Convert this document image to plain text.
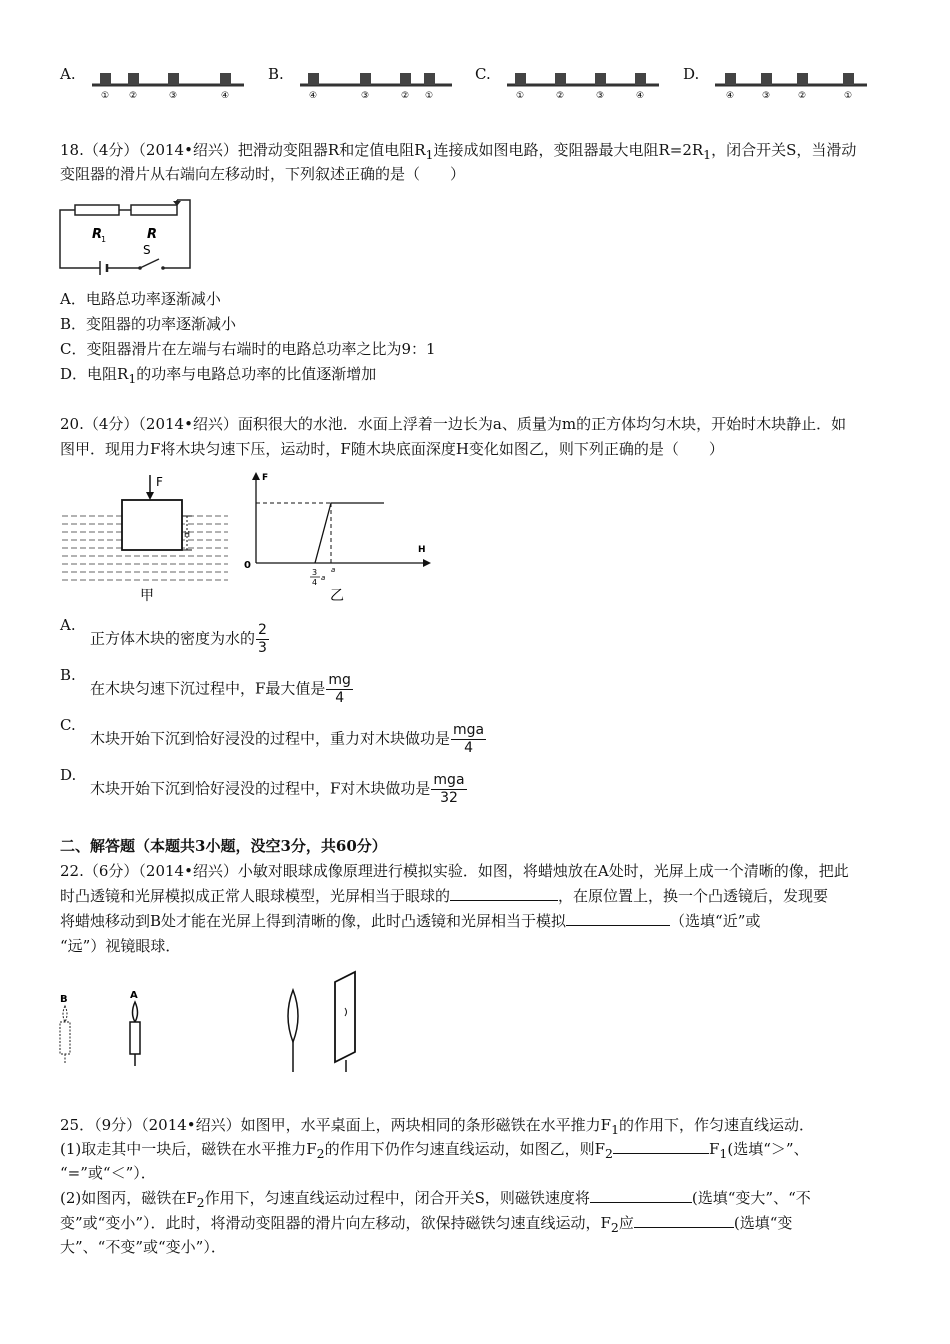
A.
① ②	③	④
B.
④	③	② ①
C.
①	②	③	④
D.
④	③	②	①
18.（4分）（2014•绍兴）把滑动变阻器R和定值电阻$R_1$连接成如图电路，变阻器最大电阻$R=2R_1$，闭合开关S，当滑动
变阻器的滑片从右端向左移动时，下列叙述正确的是（　　）
R
1	R
S
A．电路总功率逐渐减小
B．变阻器的功率逐渐减小
C．变阻器滑片在左端与右端时的电路总功率之比为9：1
D．电阻$R_1$的功率与电路总功率的比值逐渐增加
20.（4分）（2014•绍兴）面积很大的水池．水面上浮着一边长为a、质量为m的正方体均匀木块，开始时木块静止．如
图甲．现用力F将木块匀速下压，运动时，F随木块底面深度H变化如图乙，则下列正确的是（　　）
F
H
甲
F
H
0
3
4 a
a
乙
A.
正方体木块的密度为水的 $\frac{2}{3}$
B.
在木块匀速下沉过程中，F最大值是 $\frac{mg}{4}$
C.
木块开始下沉到恰好浸没的过程中，重力对木块做功是 $\frac{\text{mga}}{4}$
D.
木块开始下沉到恰好浸没的过程中，F对木块做功是 $\frac{\text{mga}}{32}$
二、解答题（本题共3小题，没空3分，共60分）
22.（6分）（2014•绍兴）小敏对眼球成像原理进行模拟实验．如图，将蜡烛放在A处时，光屏上成一个清晰的像，把此
时凸透镜和光屏模拟成正常人眼球模型，光屏相当于眼球的	，在原位置上，换一个凸透镜后，发现要
将蜡烛移动到B处才能在光屏上得到清晰的像，此时凸透镜和光屏相当于模拟	（选填“近”或
“远”）视镜眼球．
B	A
25．（9分）（2014•绍兴）如图甲，水平桌面上，两块相同的条形磁铁在水平推力$F_1$的作用下，作匀速直线运动．
(1)取走其中一块后，磁铁在水平推力$F_2$的作用下仍作匀速直线运动，如图乙，则$F_2$	$F_1$(选填“＞”、
“=”或“＜”）．
(2)如图丙，磁铁在$F_2$作用下，匀速直线运动过程中，闭合开关S，则磁铁速度将	(选填“变大”、“不
变”或“变小”）．此时，将滑动变阻器的滑片向左移动，欲保持磁铁匀速直线运动，$F_2$应	(选填“变
大”、“不变”或“变小”）．
